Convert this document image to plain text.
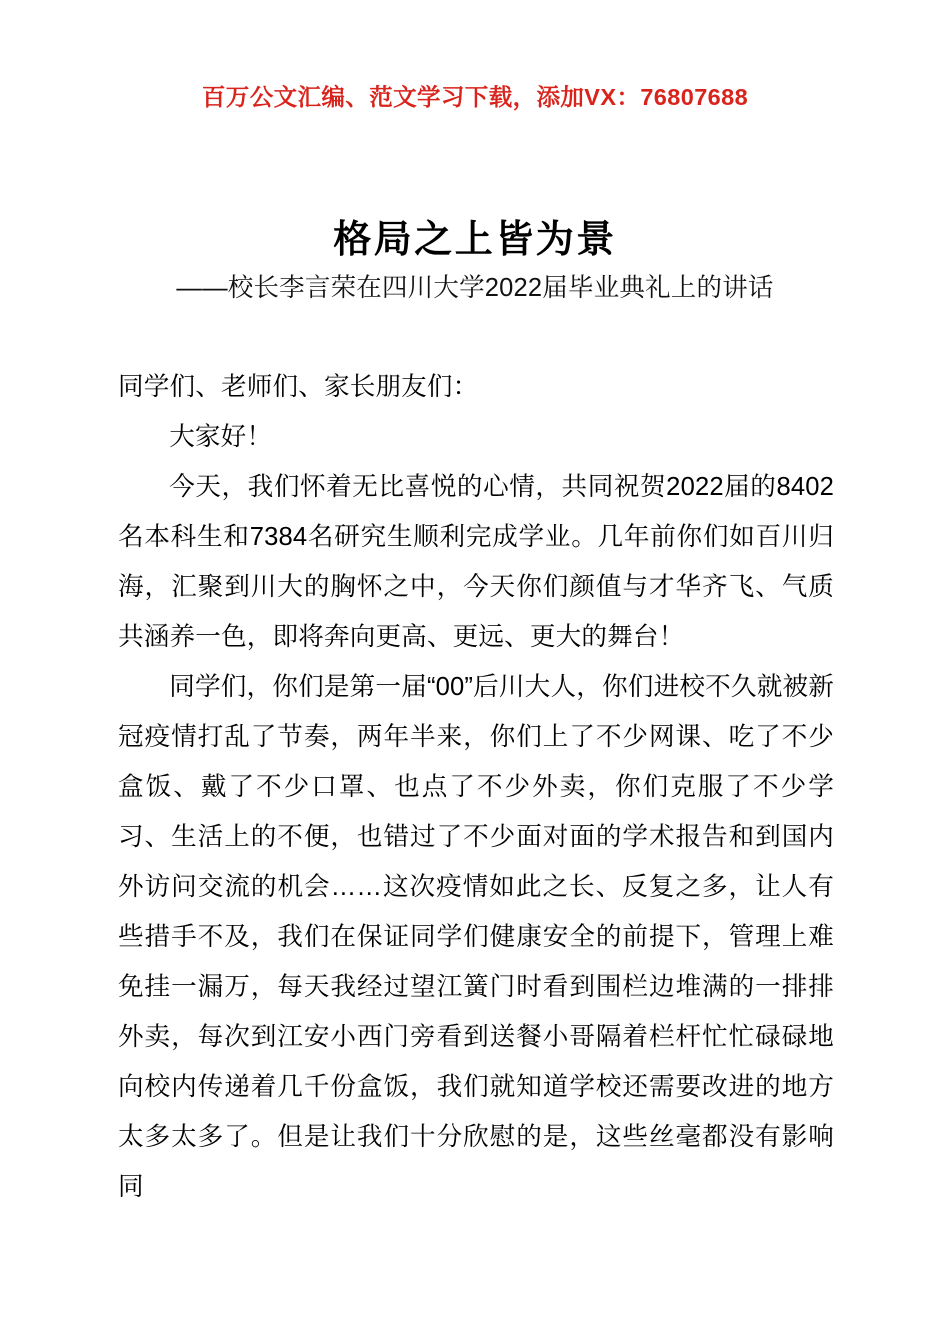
百万公文汇编、范文学习下载，添加VX：76807688
格局之上皆为景
——校长李言荣在四川大学2022届毕业典礼上的讲话

同学们、老师们、家长朋友们：

大家好！

今天，我们怀着无比喜悦的心情，共同祝贺2022届的8402名本科生和7384名研究生顺利完成学业。几年前你们如百川归海，汇聚到川大的胸怀之中，今天你们颜值与才华齐飞、气质共涵养一色，即将奔向更高、更远、更大的舞台！

同学们，你们是第一届“00”后川大人，你们进校不久就被新冠疫情打乱了节奏，两年半来，你们上了不少网课、吃了不少盒饭、戴了不少口罩、也点了不少外卖，你们克服了不少学习、生活上的不便，也错过了不少面对面的学术报告和到国内外访问交流的机会……这次疫情如此之长、反复之多，让人有些措手不及，我们在保证同学们健康安全的前提下，管理上难免挂一漏万，每天我经过望江簧门时看到围栏边堆满的一排排外卖，每次到江安小西门旁看到送餐小哥隔着栏杆忙忙碌碌地向校内传递着几千份盒饭，我们就知道学校还需要改进的地方太多太多了。但是让我们十分欣慰的是，这些丝毫都没有影响同
